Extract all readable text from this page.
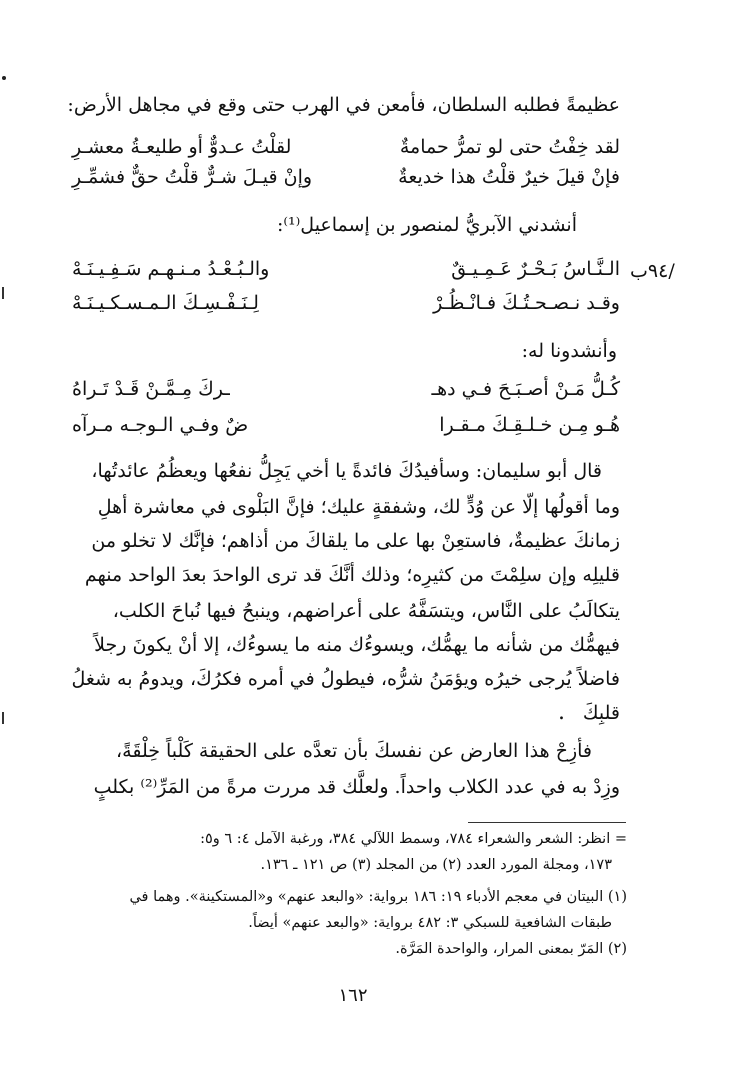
عظيمةً فطلبه السلطان، فأمعن في الهرب حتى وقع في مجاهل الأرض:
لقد خِفْتُ حتى لو تمرُّ حمامةٌ
لقلْتُ عـدوٌّ أو طليعـةُ معشـرِ
فإنْ قيلَ خيرٌ قلْتُ هذا خديعةٌ
وإنْ قيـلَ شـرٌّ قلْتُ حقٌّ فشمِّـرِ
أنشدني الآبريُّ لمنصور بن إسماعيل⁽¹⁾:
/٩٤ب
الـنَّـاسُ بَـحْـرٌ عَـمِـيـقٌ
والـبُـعْـدُ مـنـهـم سَـفِـيـنَـهْ
وقـد نـصـحـتُـكَ فـانْـظُـرْ
لِـنَـفْـسِـكَ الـمـسـكـيـنَـهْ
وأنشدونا له:
كُـلُّ مَـنْ أصـبَـحَ فـي دهـ
ـركَ مِـمَّـنْ قَـدْ تَـراهُ
هُـو مِـن خـلـقِـكَ مـقـرا
ضٌ وفـي الـوجـه مـرآه
قال أبو سليمان: وسأفيدُكَ فائدةً يا أخي يَجِلُّ نفعُها ويعظُمُ عائدتُها،
وما أقولُها إلّا عن وُدٍّ لك، وشفقةٍ عليك؛ فإنَّ البَلْوى في معاشرة أهلِ
زمانكَ عظيمةٌ، فاستعِنْ بها على ما يلقاكَ من أذاهم؛ فإنَّك لا تخلو من
قليلِه وإن سلِمْتَ من كثيرِه؛ وذلك أنَّكَ قد ترى الواحدَ بعدَ الواحد منهم
يتكالَبُ على النَّاس، ويتسَفَّهُ على أعراضهم، وينبحُ فيها نُباحَ الكلب،
فيهمُّك من شأنه ما يهمُّك، ويسوءُك منه ما يسوءُك، إلا أنْ يكونَ رجلاً
فاضلاً يُرجى خيرُه ويؤمَنُ شرُّه، فيطولُ في أمره فكرُكَ، ويدومُ به شغلُ
قلبِكَ
.
فأزِحْ هذا العارض عن نفسكَ بأن تعدَّه على الحقيقة كَلْباً خِلْقَةً،
وزِدْ به في عدد الكلاب واحداً. ولعلَّك قد مررت مرةً من المَرِّ⁽²⁾ بكلبٍ
= انظر: الشعر والشعراء ٧٨٤، وسمط اللآلي ٣٨٤، ورغبة الآمل ٤: ٦ و٥:
١٧٣، ومجلة المورد العدد (٢) من المجلد (٣) ص ١٢١ ـ ١٣٦.
(١) البيتان في معجم الأدباء ١٩: ١٨٦ برواية: «والبعد عنهم» و«المستكينة». وهما في
طبقات الشافعية للسبكي ٣: ٤٨٢ برواية: «والبعد عنهم» أيضاً.
(٢) المَرّ بمعنى المرار، والواحدة المَرَّة.
١٦٢
